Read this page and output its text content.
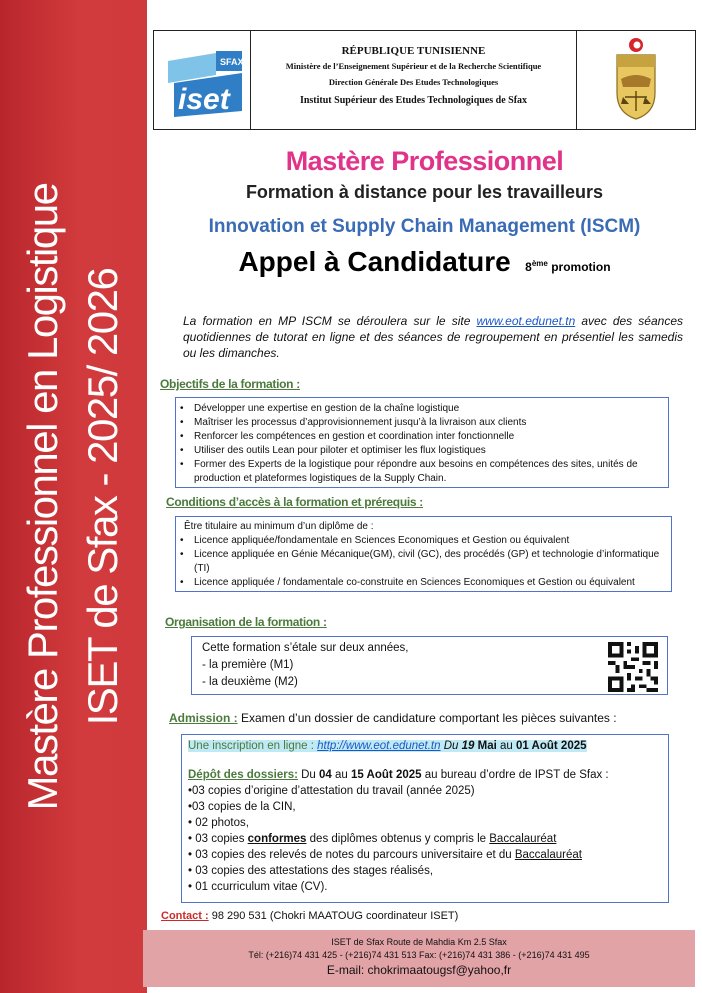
Mastère Professionnel en Logistique ISET de Sfax - 2025/ 2026
SFAX
iset
RÉPUBLIQUE TUNISIENNE
Ministère de l’Enseignement Supérieur et de la Recherche Scientifique
Direction Générale Des Etudes Technologiques
Institut Supérieur des Etudes Technologiques de Sfax
Mastère Professionnel
Formation à distance pour les travailleurs
Innovation et Supply Chain Management (ISCM)
Appel à Candidature 8ème promotion
La formation en MP ISCM se déroulera sur le site www.eot.edunet.tn avec des séances quotidiennes de tutorat en ligne et des séances de regroupement en présentiel les samedis ou les dimanches.
Objectifs de la formation :
• Développer une expertise en gestion de la chaîne logistique
• Maîtriser les processus d’approvisionnement jusqu’à la livraison aux clients
• Renforcer les compétences en gestion et coordination inter fonctionnelle
• Utiliser des outils Lean pour piloter et optimiser les flux logistiques
• Former des Experts de la logistique pour répondre aux besoins en compétences des sites, unités de production et plateformes logistiques de la Supply Chain.
Conditions d’accès à la formation et prérequis :
Être titulaire au minimum d’un diplôme de :
• Licence appliquée/fondamentale en Sciences Economiques et Gestion ou équivalent
• Licence appliquée en Génie Mécanique(GM), civil (GC), des procédés (GP) et technologie d’informatique (TI)
• Licence appliquée / fondamentale co-construite en Sciences Economiques et Gestion ou équivalent
Organisation de la formation :
Cette formation s’étale sur deux années,
- la première (M1)
- la deuxième (M2)
Admission : Examen d’un dossier de candidature comportant les pièces suivantes :
Une inscription en ligne : http://www.eot.edunet.tn Du 19 Mai au 01 Août 2025
Dépôt des dossiers: Du 04 au 15 Août 2025 au bureau d’ordre de IPST de Sfax :
•03 copies d’origine d’attestation du travail (année 2025)
•03 copies de la CIN,
• 02 photos,
• 03 copies conformes des diplômes obtenus y compris le Baccalauréat
• 03 copies des relevés de notes du parcours universitaire et du Baccalauréat
• 03 copies des attestations des stages réalisés,
• 01 ccurriculum vitae (CV).
Contact : 98 290 531 (Chokri MAATOUG coordinateur ISET)
ISET de Sfax Route de Mahdia Km 2.5 Sfax
Tél: (+216)74 431 425 - (+216)74 431 513 Fax: (+216)74 431 386 - (+216)74 431 495
E-mail: chokrimaatougsf@yahoo,fr
